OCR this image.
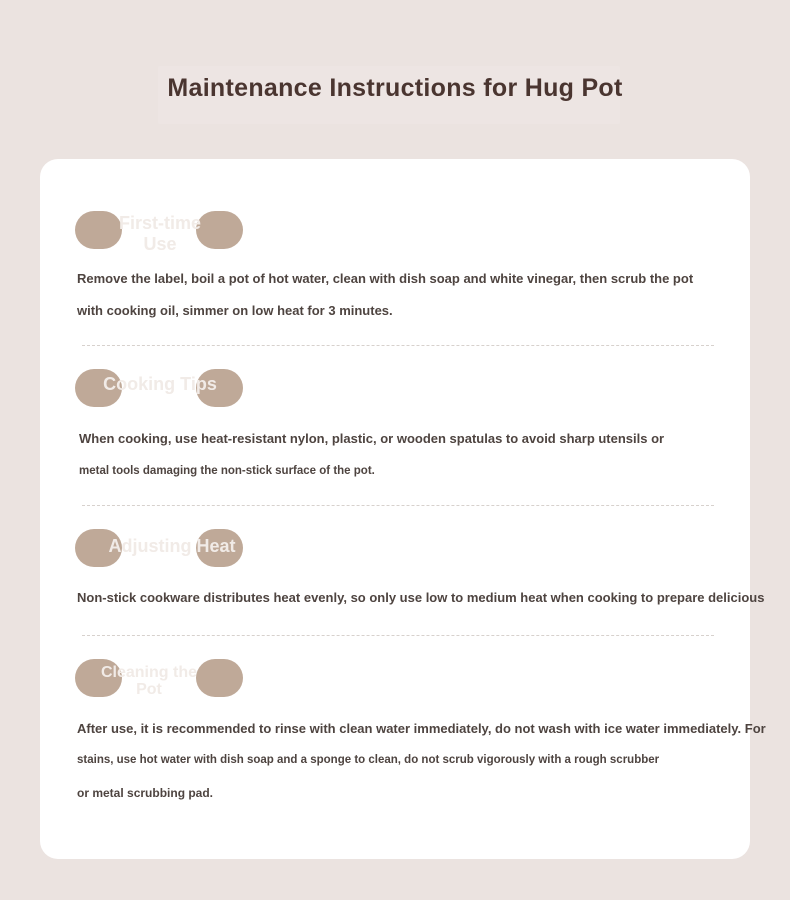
Maintenance Instructions for Hug Pot
First-time Use

Remove the label, boil a pot of hot water, clean with dish soap and white vinegar, then scrub the pot

with cooking oil, simmer on low heat for 3 minutes.

Cooking Tips

When cooking, use heat-resistant nylon, plastic, or wooden spatulas to avoid sharp utensils or

metal tools damaging the non-stick surface of the pot.

Adjusting Heat

Non-stick cookware distributes heat evenly, so only use low to medium heat when cooking to prepare delicious

Cleaning the Pot

After use, it is recommended to rinse with clean water immediately, do not wash with ice water immediately. For

stains, use hot water with dish soap and a sponge to clean, do not scrub vigorously with a rough scrubber

or metal scrubbing pad.
